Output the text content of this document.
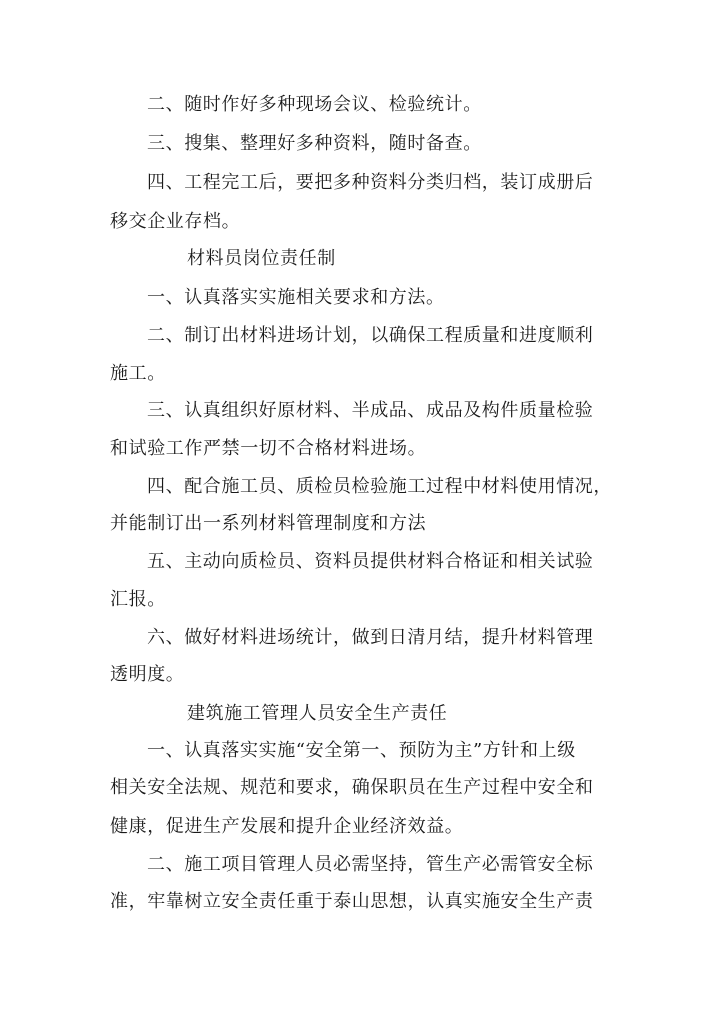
二、随时作好多种现场会议、检验统计。
三、搜集、整理好多种资料，随时备查。
四、工程完工后，要把多种资料分类归档，装订成册后
移交企业存档。
材料员岗位责任制
一、认真落实实施相关要求和方法。
二、制订出材料进场计划，以确保工程质量和进度顺利
施工。
三、认真组织好原材料、半成品、成品及构件质量检验
和试验工作严禁一切不合格材料进场。
四、配合施工员、质检员检验施工过程中材料使用情况，
并能制订出一系列材料管理制度和方法
五、主动向质检员、资料员提供材料合格证和相关试验
汇报。
六、做好材料进场统计，做到日清月结，提升材料管理
透明度。
建筑施工管理人员安全生产责任
一、认真落实实施“安全第一、预防为主”方针和上级
相关安全法规、规范和要求，确保职员在生产过程中安全和
健康，促进生产发展和提升企业经济效益。
二、施工项目管理人员必需坚持，管生产必需管安全标
准，牢靠树立安全责任重于泰山思想，认真实施安全生产责
